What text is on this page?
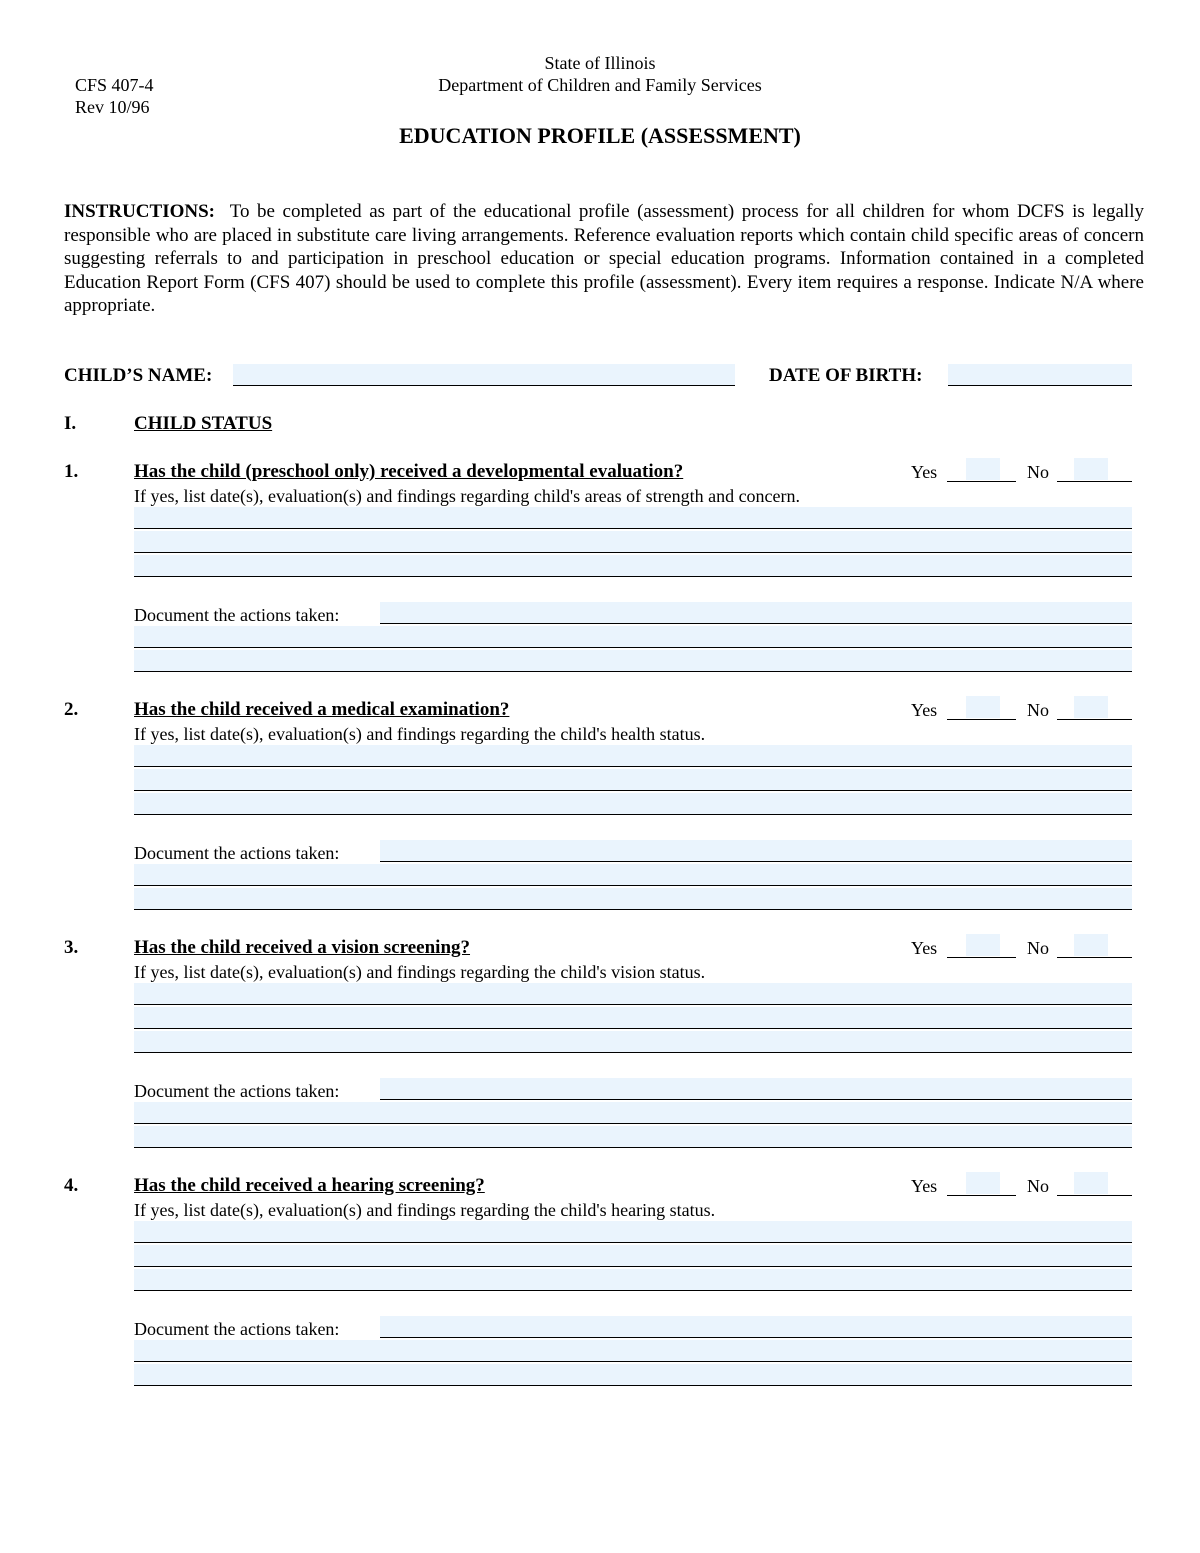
CFS 407-4
Rev 10/96
State of Illinois
Department of Children and Family Services
EDUCATION PROFILE (ASSESSMENT)
INSTRUCTIONS: To be completed as part of the educational profile (assessment) process for all children for whom DCFS is legally responsible who are placed in substitute care living arrangements. Reference evaluation reports which contain child specific areas of concern suggesting referrals to and participation in preschool education or special education programs. Information contained in a completed Education Report Form (CFS 407) should be used to complete this profile (assessment). Every item requires a response. Indicate N/A where appropriate.
CHILD’S NAME:	DATE OF BIRTH:
I.	CHILD STATUS
1.	Has the child (preschool only) received a developmental evaluation?	Yes	No
If yes, list date(s), evaluation(s) and findings regarding child's areas of strength and concern.
Document the actions taken:
2.	Has the child received a medical examination?	Yes	No
If yes, list date(s), evaluation(s) and findings regarding the child's health status.
Document the actions taken:
3.	Has the child received a vision screening?	Yes	No
If yes, list date(s), evaluation(s) and findings regarding the child's vision status.
Document the actions taken:
4.	Has the child received a hearing screening?	Yes	No
If yes, list date(s), evaluation(s) and findings regarding the child's hearing status.
Document the actions taken:
